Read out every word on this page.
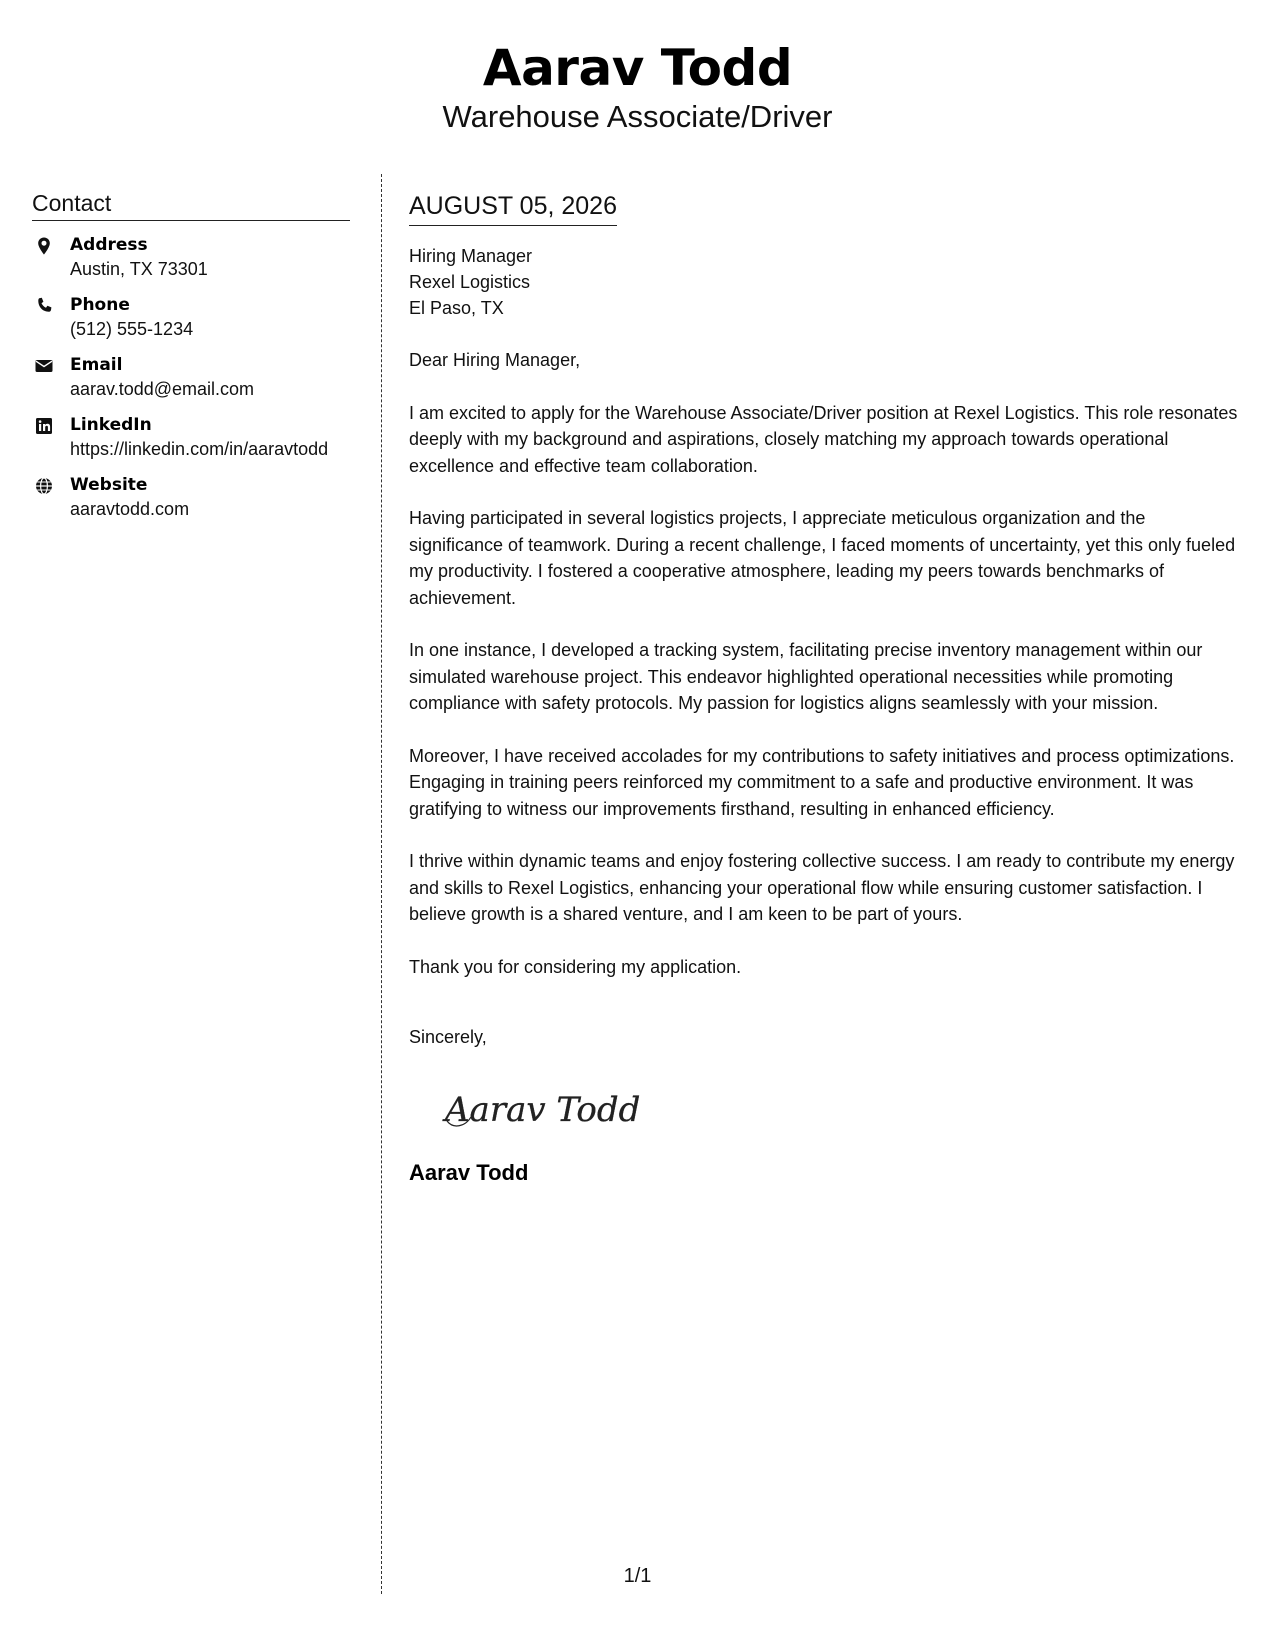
Aarav Todd
Warehouse Associate/Driver
Contact
Address
Austin, TX 73301
Phone
(512) 555-1234
Email
aarav.todd@email.com
LinkedIn
https://linkedin.com/in/aaravtodd
Website
aaravtodd.com
AUGUST 05, 2026
Hiring Manager
Rexel Logistics
El Paso, TX
Dear Hiring Manager,

I am excited to apply for the Warehouse Associate/Driver position at Rexel Logistics. This role resonates deeply with my background and aspirations, closely matching my approach towards operational excellence and effective team collaboration.

Having participated in several logistics projects, I appreciate meticulous organization and the significance of teamwork. During a recent challenge, I faced moments of uncertainty, yet this only fueled my productivity. I fostered a cooperative atmosphere, leading my peers towards benchmarks of achievement.

In one instance, I developed a tracking system, facilitating precise inventory management within our simulated warehouse project. This endeavor highlighted operational necessities while promoting compliance with safety protocols. My passion for logistics aligns seamlessly with your mission.

Moreover, I have received accolades for my contributions to safety initiatives and process optimizations. Engaging in training peers reinforced my commitment to a safe and productive environment. It was gratifying to witness our improvements firsthand, resulting in enhanced efficiency.

I thrive within dynamic teams and enjoy fostering collective success. I am ready to contribute my energy and skills to Rexel Logistics, enhancing your operational flow while ensuring customer satisfaction. I believe growth is a shared venture, and I am keen to be part of yours.

Thank you for considering my application.
Sincerely,
Aarav Todd
Aarav Todd
1/1
